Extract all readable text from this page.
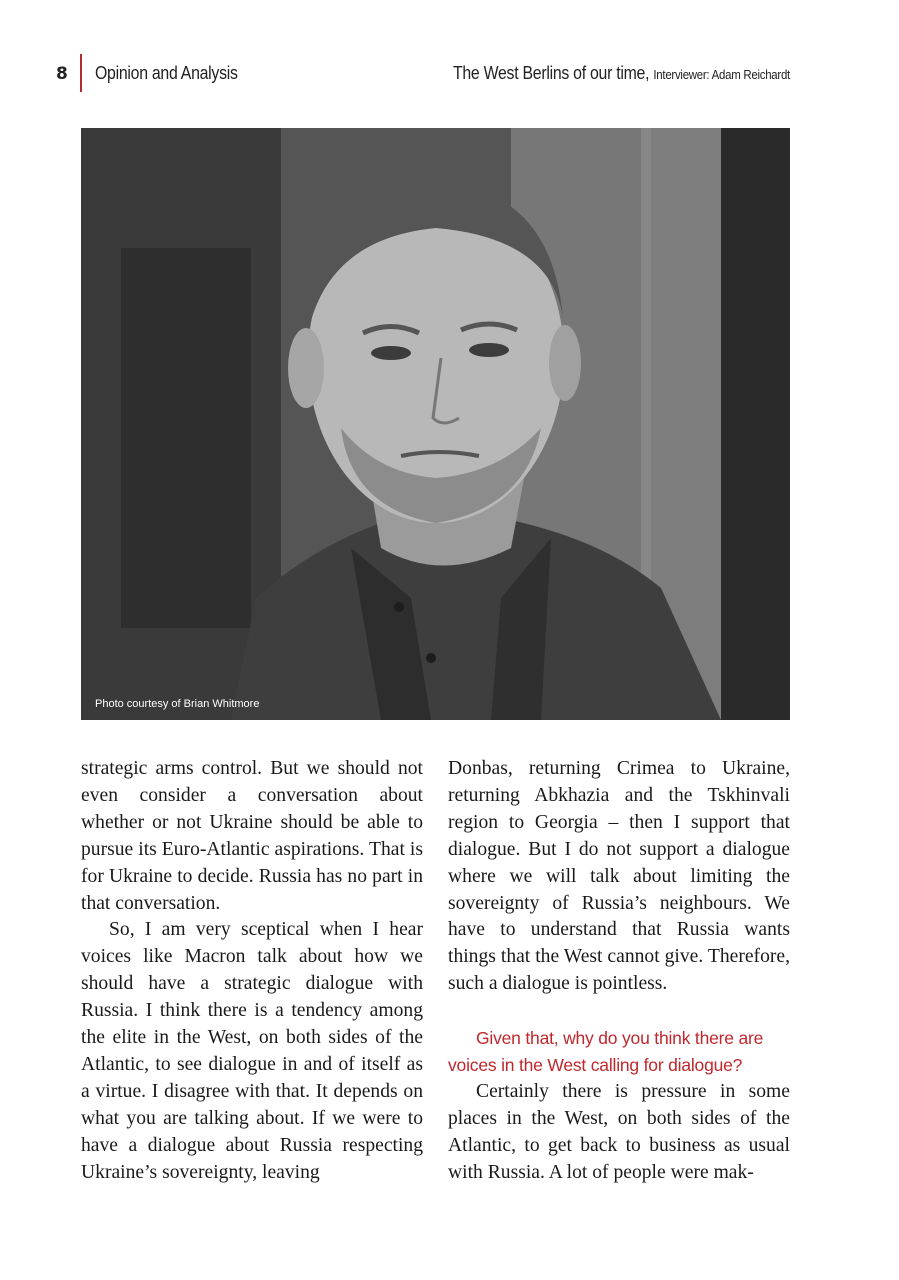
8 Opinion and Analysis	The West Berlins of our time, Interviewer: Adam Reichardt
Photo courtesy of Brian Whitmore

strategic arms control. But we should not even consider a conversation about whether or not Ukraine should be able to pursue its Euro-Atlantic aspirations. That is for Ukraine to decide. Russia has no part in that conversation.

So, I am very sceptical when I hear voices like Macron talk about how we should have a strategic dialogue with Russia. I think there is a tendency among the elite in the West, on both sides of the Atlantic, to see dialogue in and of itself as a virtue. I disagree with that. It depends on what you are talking about. If we were to have a dialogue about Russia respecting Ukraine’s sovereignty, leaving

Donbas, returning Crimea to Ukraine, returning Abkhazia and the Tskhinvali region to Georgia – then I support that dialogue. But I do not support a dialogue where we will talk about limiting the sovereignty of Russia’s neighbours. We have to understand that Russia wants things that the West cannot give. Therefore, such a dialogue is pointless.

Given that, why do you think there are voices in the West calling for dialogue?

Certainly there is pressure in some places in the West, on both sides of the Atlantic, to get back to business as usual with Russia. A lot of people were mak-
